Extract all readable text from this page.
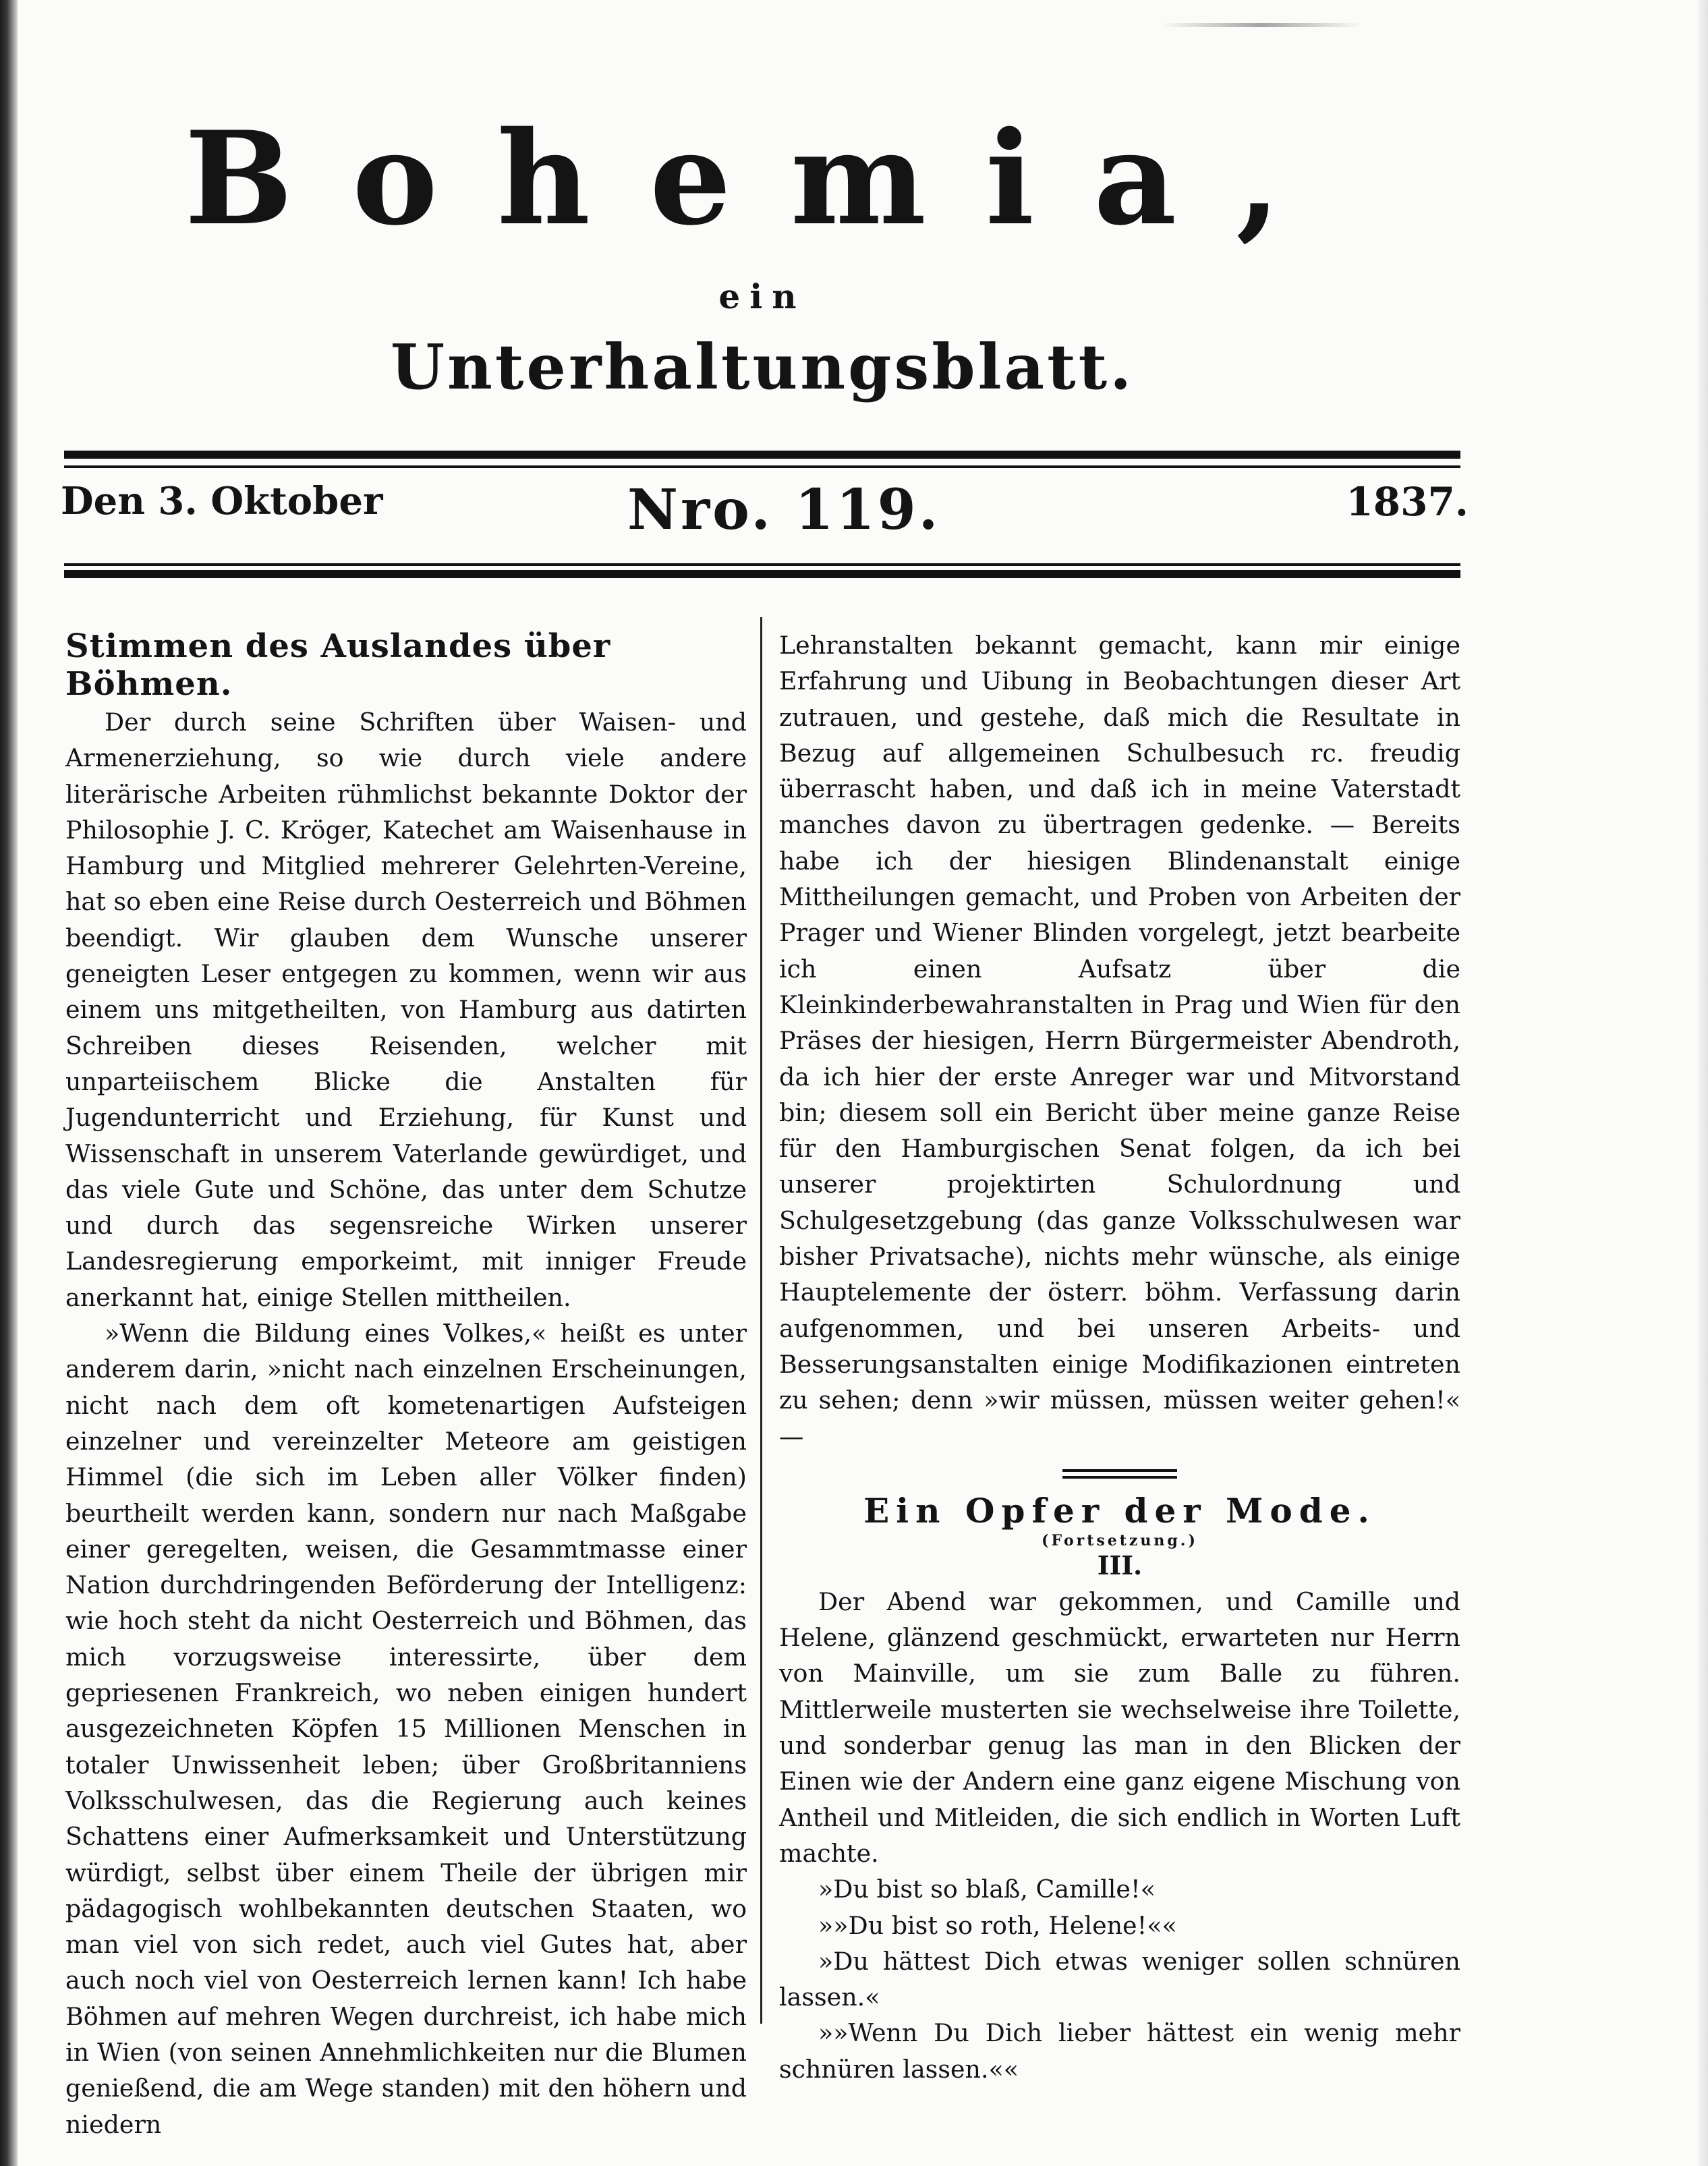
Bohemia,
ein
Unterhaltungsblatt.
Den 3. Oktober	Nro. 119.	1837.
Stimmen des Auslandes über Böhmen.

Der durch seine Schriften über Waisen- und Armenerziehung, so wie durch viele andere literärische Arbeiten rühmlichst bekannte Doktor der Philosophie J. C. Kröger, Katechet am Waisenhause in Hamburg und Mitglied mehrerer Gelehrten-Vereine, hat so eben eine Reise durch Oesterreich und Böhmen beendigt. Wir glauben dem Wunsche unserer geneigten Leser entgegen zu kommen, wenn wir aus einem uns mitgetheilten, von Hamburg aus datirten Schreiben dieses Reisenden, welcher mit unparteiischem Blicke die Anstalten für Jugendunterricht und Erziehung, für Kunst und Wissenschaft in unserem Vaterlande gewürdiget, und das viele Gute und Schöne, das unter dem Schutze und durch das segensreiche Wirken unserer Landesregierung emporkeimt, mit inniger Freude anerkannt hat, einige Stellen mittheilen.

»Wenn die Bildung eines Volkes,« heißt es unter anderem darin, »nicht nach einzelnen Erscheinungen, nicht nach dem oft kometenartigen Aufsteigen einzelner und vereinzelter Meteore am geistigen Himmel (die sich im Leben aller Völker finden) beurtheilt werden kann, sondern nur nach Maßgabe einer geregelten, weisen, die Gesammtmasse einer Nation durchdringenden Beförderung der Intelligenz: wie hoch steht da nicht Oesterreich und Böhmen, das mich vorzugsweise interessirte, über dem gepriesenen Frankreich, wo neben einigen hundert ausgezeichneten Köpfen 15 Millionen Menschen in totaler Unwissenheit leben; über Großbritanniens Volksschulwesen, das die Regierung auch keines Schattens einer Aufmerksamkeit und Unterstützung würdigt, selbst über einem Theile der übrigen mir pädagogisch wohlbekannten deutschen Staaten, wo man viel von sich redet, auch viel Gutes hat, aber auch noch viel von Oesterreich lernen kann! Ich habe Böhmen auf mehren Wegen durchreist, ich habe mich in Wien (von seinen Annehmlichkeiten nur die Blumen genießend, die am Wege standen) mit den höhern und niedern

Lehranstalten bekannt gemacht, kann mir einige Erfahrung und Uibung in Beobachtungen dieser Art zutrauen, und gestehe, daß mich die Resultate in Bezug auf allgemeinen Schulbesuch rc. freudig überrascht haben, und daß ich in meine Vaterstadt manches davon zu übertragen gedenke. — Bereits habe ich der hiesigen Blindenanstalt einige Mittheilungen gemacht, und Proben von Arbeiten der Prager und Wiener Blinden vorgelegt, jetzt bearbeite ich einen Aufsatz über die Kleinkinderbewahranstalten in Prag und Wien für den Präses der hiesigen, Herrn Bürgermeister Abendroth, da ich hier der erste Anreger war und Mitvorstand bin; diesem soll ein Bericht über meine ganze Reise für den Hamburgischen Senat folgen, da ich bei unserer projektirten Schulordnung und Schulgesetzgebung (das ganze Volksschulwesen war bisher Privatsache), nichts mehr wünsche, als einige Hauptelemente der österr. böhm. Verfassung darin aufgenommen, und bei unseren Arbeits- und Besserungsanstalten einige Modifikazionen eintreten zu sehen; denn »wir müssen, müssen weiter gehen!« —

Ein Opfer der Mode.
(Fortsetzung.)
III.

Der Abend war gekommen, und Camille und Helene, glänzend geschmückt, erwarteten nur Herrn von Mainville, um sie zum Balle zu führen. Mittlerweile musterten sie wechselweise ihre Toilette, und sonderbar genug las man in den Blicken der Einen wie der Andern eine ganz eigene Mischung von Antheil und Mitleiden, die sich endlich in Worten Luft machte.

»Du bist so blaß, Camille!«

»»Du bist so roth, Helene!««

»Du hättest Dich etwas weniger sollen schnüren lassen.«

»»Wenn Du Dich lieber hättest ein wenig mehr schnüren lassen.««
